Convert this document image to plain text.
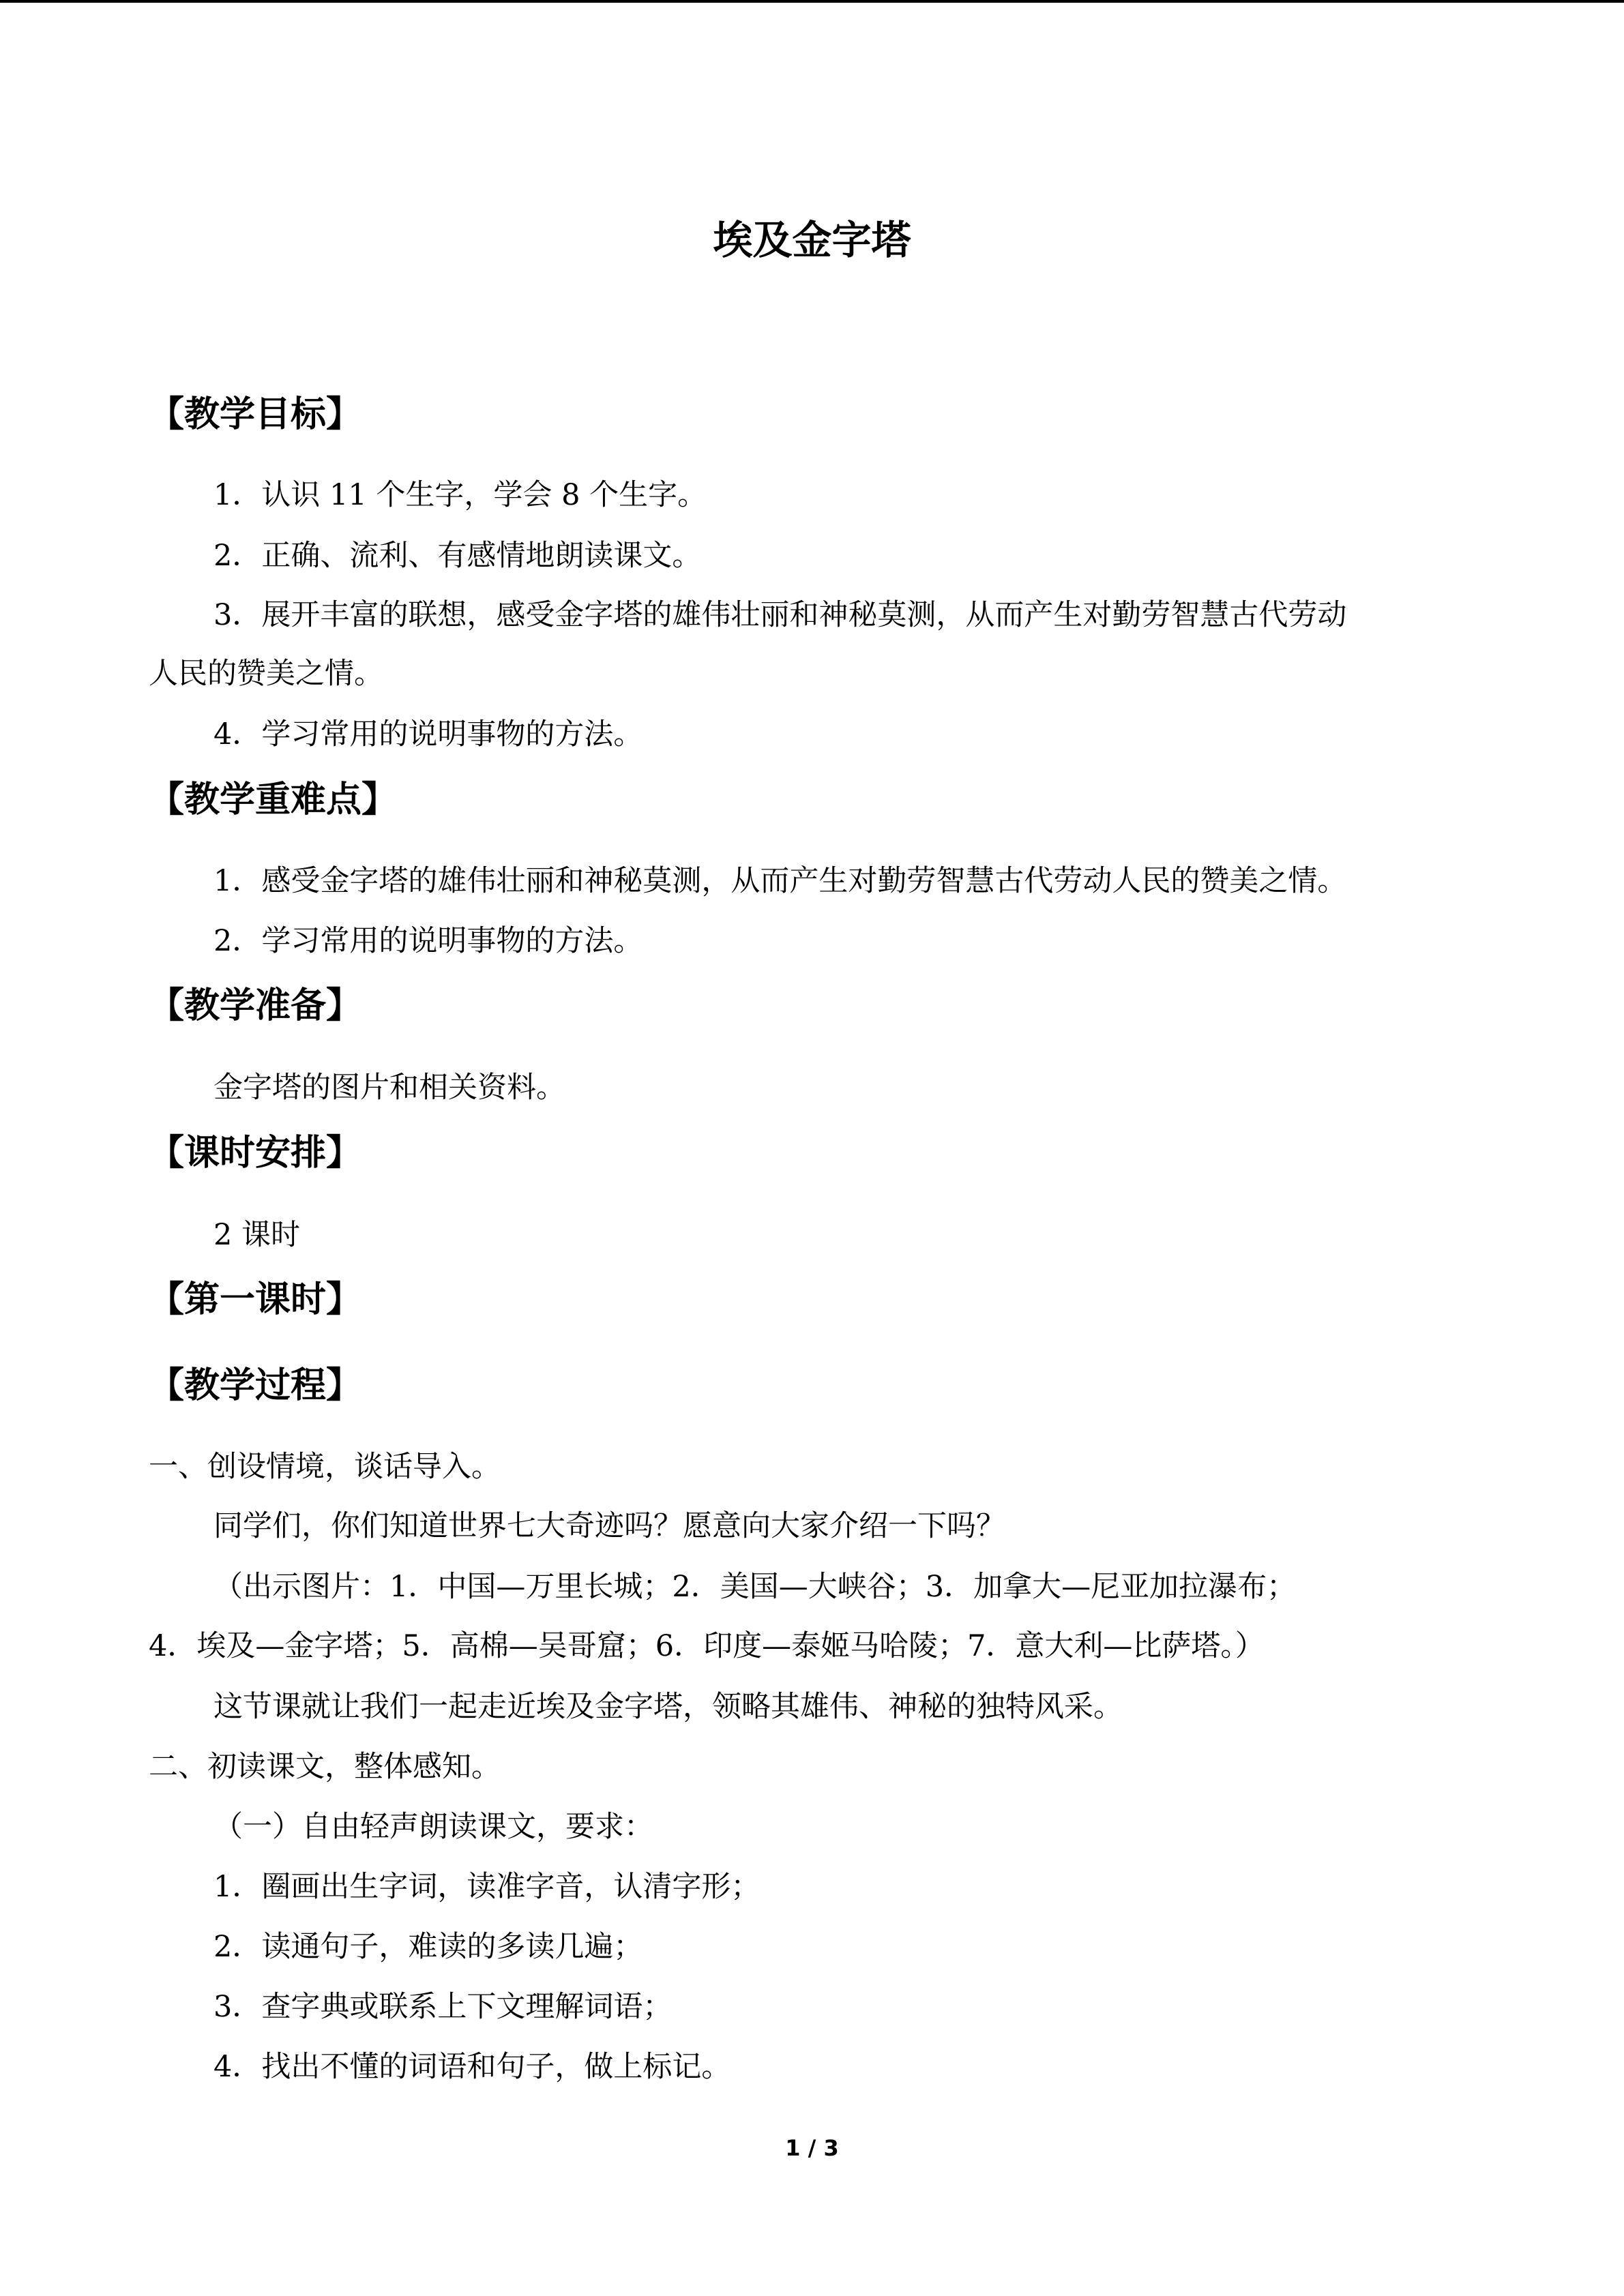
埃及金字塔
【教学目标】

1．认识 11 个生字，学会 8 个生字。

2．正确、流利、有感情地朗读课文。

3．展开丰富的联想，感受金字塔的雄伟壮丽和神秘莫测，从而产生对勤劳智慧古代劳动

人民的赞美之情。

4．学习常用的说明事物的方法。

【教学重难点】

1．感受金字塔的雄伟壮丽和神秘莫测，从而产生对勤劳智慧古代劳动人民的赞美之情。

2．学习常用的说明事物的方法。

【教学准备】

金字塔的图片和相关资料。

【课时安排】

2 课时

【第一课时】
【教学过程】

一、创设情境，谈话导入。

同学们，你们知道世界七大奇迹吗？愿意向大家介绍一下吗？

（出示图片：1．中国—万里长城；2．美国—大峡谷；3．加拿大—尼亚加拉瀑布；

4．埃及—金字塔；5．高棉—吴哥窟；6．印度—泰姬马哈陵；7．意大利—比萨塔。）

这节课就让我们一起走近埃及金字塔，领略其雄伟、神秘的独特风采。

二、初读课文，整体感知。

（一）自由轻声朗读课文，要求：

1．圈画出生字词，读准字音，认清字形；

2．读通句子，难读的多读几遍；

3．查字典或联系上下文理解词语；

4．找出不懂的词语和句子，做上标记。

1 / 3
